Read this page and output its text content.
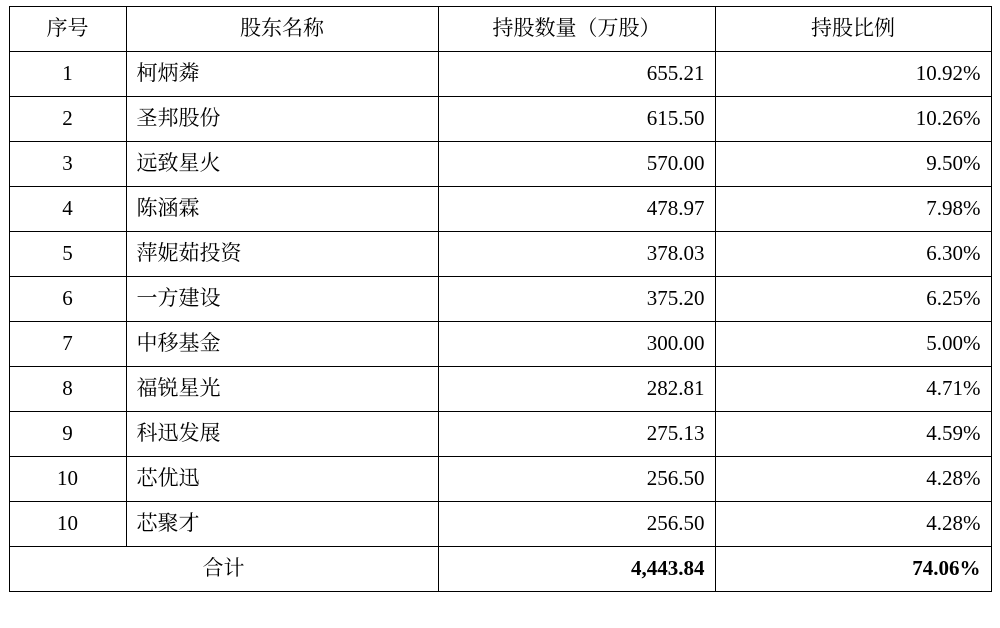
序号	股东名称	持股数量（万股）	持股比例
1	柯炳粦	655.21	10.92%
2	圣邦股份	615.50	10.26%
3	远致星火	570.00	9.50%
4	陈涵霖	478.97	7.98%
5	萍妮茹投资	378.03	6.30%
6	一方建设	375.20	6.25%
7	中移基金	300.00	5.00%
8	福锐星光	282.81	4.71%
9	科迅发展	275.13	4.59%
10	芯优迅	256.50	4.28%
10	芯聚才	256.50	4.28%
合计		4,443.84	74.06%
